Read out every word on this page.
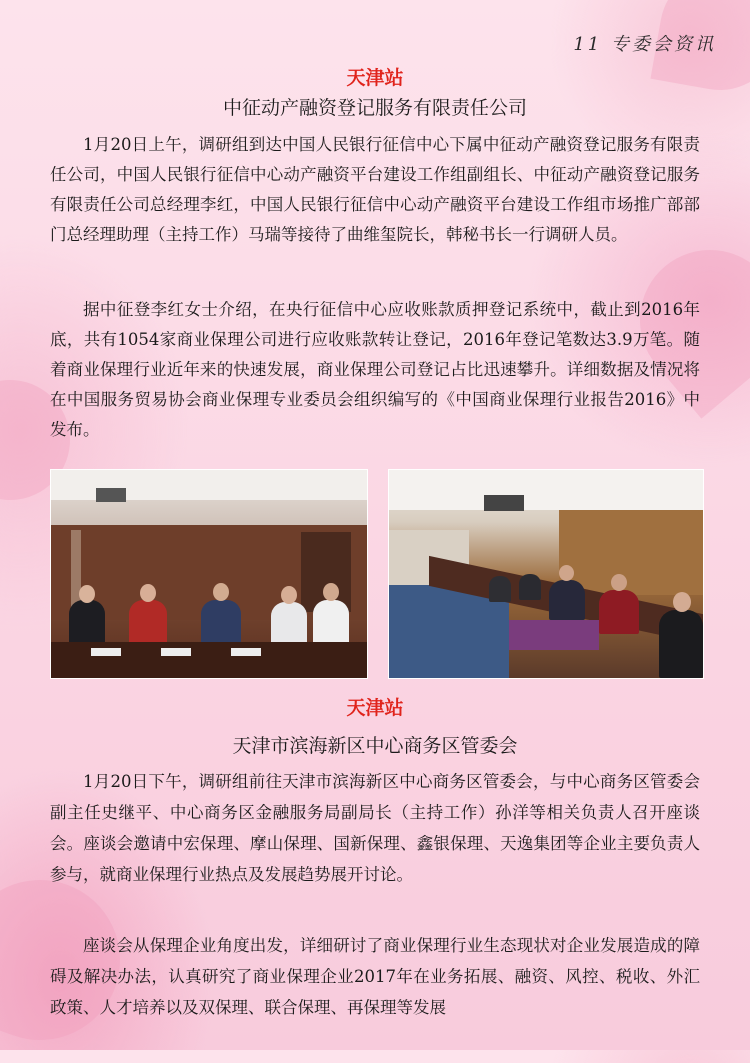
11 专委会资讯
天津站
中征动产融资登记服务有限责任公司

1月20日上午，调研组到达中国人民银行征信中心下属中征动产融资登记服务有限责任公司，中国人民银行征信中心动产融资平台建设工作组副组长、中征动产融资登记服务有限责任公司总经理李红，中国人民银行征信中心动产融资平台建设工作组市场推广部部门总经理助理（主持工作）马瑞等接待了曲维玺院长，韩秘书长一行调研人员。

据中征登李红女士介绍，在央行征信中心应收账款质押登记系统中，截止到2016年底，共有1054家商业保理公司进行应收账款转让登记，2016年登记笔数达3.9万笔。随着商业保理行业近年来的快速发展，商业保理公司登记占比迅速攀升。详细数据及情况将在中国服务贸易协会商业保理专业委员会组织编写的《中国商业保理行业报告2016》中发布。

天津站
天津市滨海新区中心商务区管委会

1月20日下午，调研组前往天津市滨海新区中心商务区管委会，与中心商务区管委会副主任史继平、中心商务区金融服务局副局长（主持工作）孙洋等相关负责人召开座谈会。座谈会邀请中宏保理、摩山保理、国新保理、鑫银保理、天逸集团等企业主要负责人参与，就商业保理行业热点及发展趋势展开讨论。

座谈会从保理企业角度出发，详细研讨了商业保理行业生态现状对企业发展造成的障碍及解决办法，认真研究了商业保理企业2017年在业务拓展、融资、风控、税收、外汇政策、人才培养以及双保理、联合保理、再保理等发展
